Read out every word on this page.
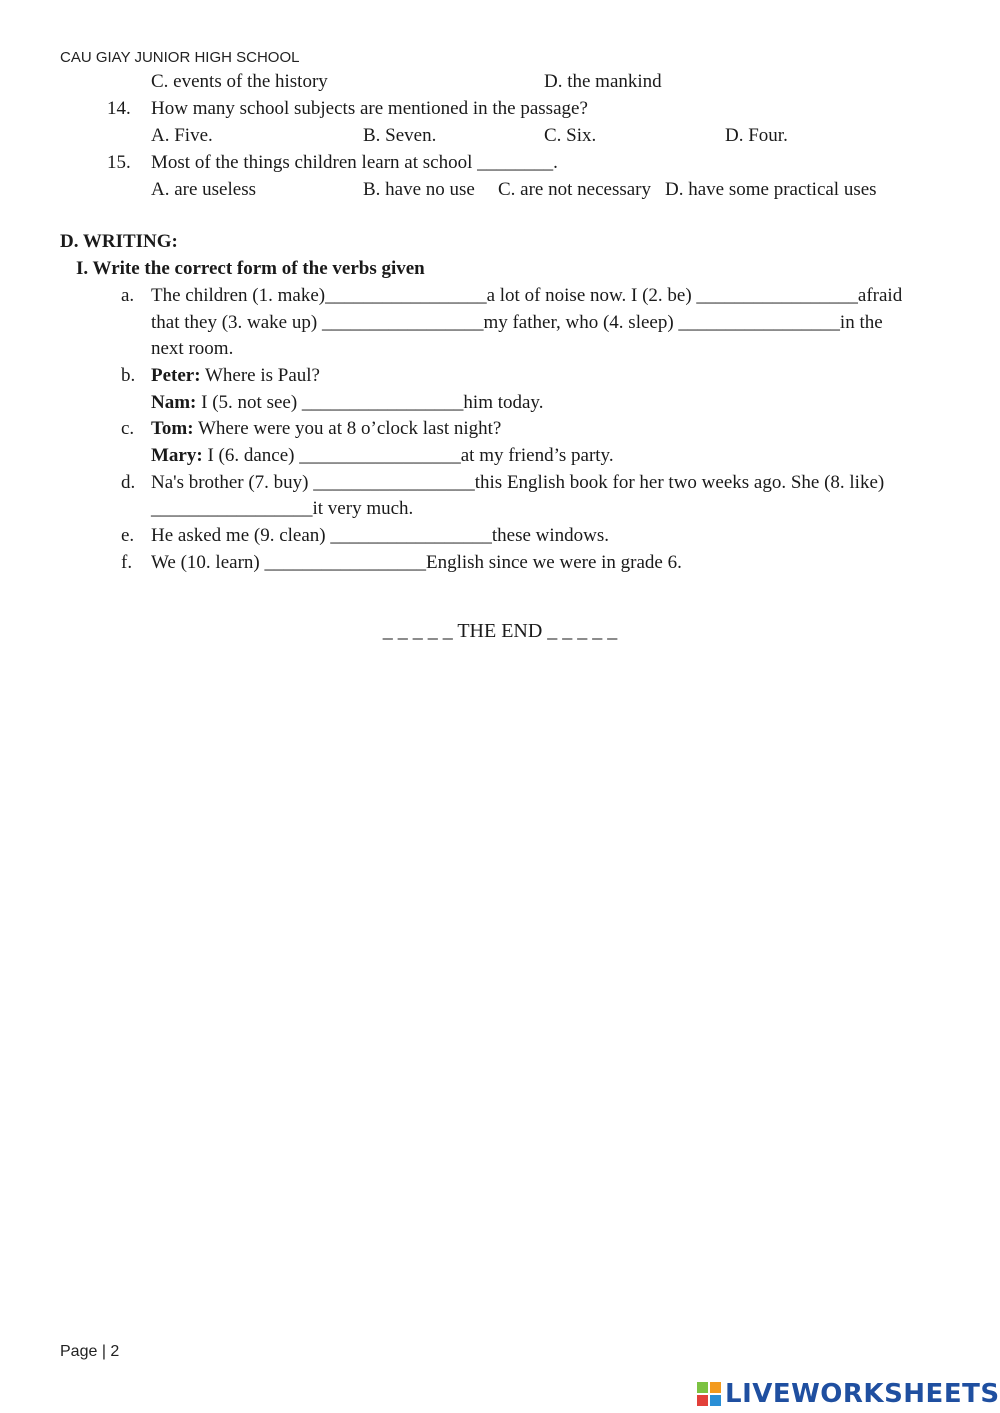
CAU GIAY JUNIOR HIGH SCHOOL
C. events of the history	D. the mankind
14. How many school subjects are mentioned in the passage?
A. Five.	B. Seven.	C. Six.	D. Four.
15. Most of the things children learn at school ________.
A. are useless	B. have no use C. are not necessary D. have some practical uses
D. WRITING:
I. Write the correct form of the verbs given
a. The children (1. make)_________________a lot of noise now. I (2. be) _________________afraid
that they (3. wake up) _________________my father, who (4. sleep) _________________in the
next room.
b. Peter: Where is Paul?
Nam: I (5. not see) _________________him today.
c. Tom: Where were you at 8 o’clock last night?
Mary: I (6. dance) _________________at my friend’s party.
d. Na's brother (7. buy) _________________this English book for her two weeks ago. She (8. like)
_________________it very much.
e. He asked me (9. clean) _________________these windows.
f. We (10. learn) _________________English since we were in grade 6.
_ _ _ _ _ THE END _ _ _ _ _
Page | 2
LIVEWORKSHEETS
